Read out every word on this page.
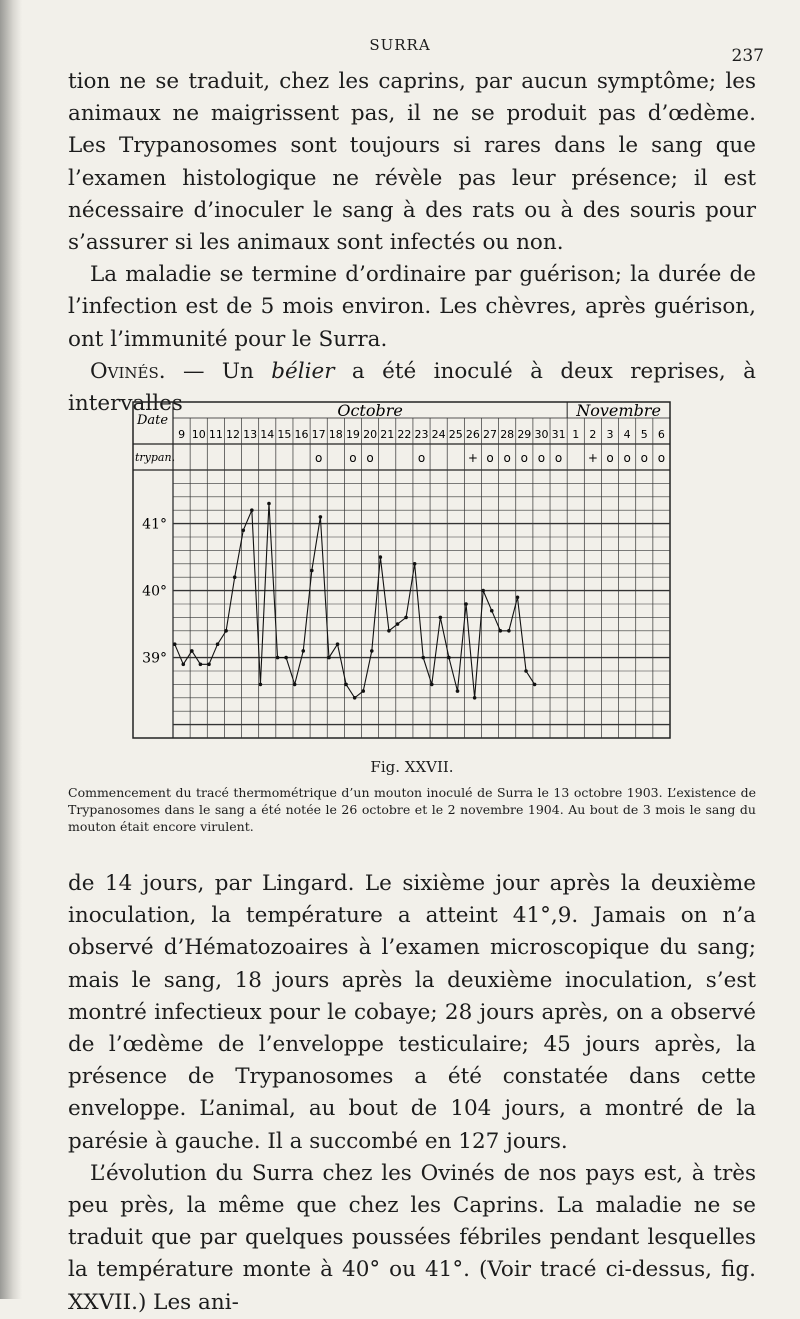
SURRA
237

tion ne se traduit, chez les caprins, par aucun symptôme; les animaux ne maigrissent pas, il ne se produit pas d’œdème. Les Trypanosomes sont toujours si rares dans le sang que l’examen histologique ne révèle pas leur présence; il est nécessaire d’inoculer le sang à des rats ou à des souris pour s’assurer si les animaux sont infectés ou non.

La maladie se termine d’ordinaire par guérison; la durée de l’infection est de 5 mois environ. Les chèvres, après guérison, ont l’immunité pour le Surra.

Ovinés. — Un bélier a été inoculé à deux reprises, à intervalles

Date
trypan.
Octobre	Novembre
9 10 11 12 13 14 15 16 17
o
18 19
o
20
o
21 22 23
o
24 25 26
+
27
o
28
o
29
o
30
o
31
o
1 2
+
3
o
4
o
5
o
6
o
39°
40°
41°

Fig. XXVII.

Commencement du tracé thermométrique d’un mouton inoculé de Surra le 13 octobre 1903. L’existence de Trypanosomes dans le sang a été notée le 26 octobre et le 2 novembre 1904. Au bout de 3 mois le sang du mouton était encore virulent.

de 14 jours, par Lingard. Le sixième jour après la deuxième inoculation, la température a atteint 41°,9. Jamais on n’a observé d’Hématozoaires à l’examen microscopique du sang; mais le sang, 18 jours après la deuxième inoculation, s’est montré infectieux pour le cobaye; 28 jours après, on a observé de l’œdème de l’enveloppe testiculaire; 45 jours après, la présence de Trypanosomes a été constatée dans cette enveloppe. L’animal, au bout de 104 jours, a montré de la parésie à gauche. Il a succombé en 127 jours.

L’évolution du Surra chez les Ovinés de nos pays est, à très peu près, la même que chez les Caprins. La maladie ne se traduit que par quelques poussées fébriles pendant lesquelles la température monte à 40° ou 41°. (Voir tracé ci-dessus, fig. XXVII.) Les ani-
